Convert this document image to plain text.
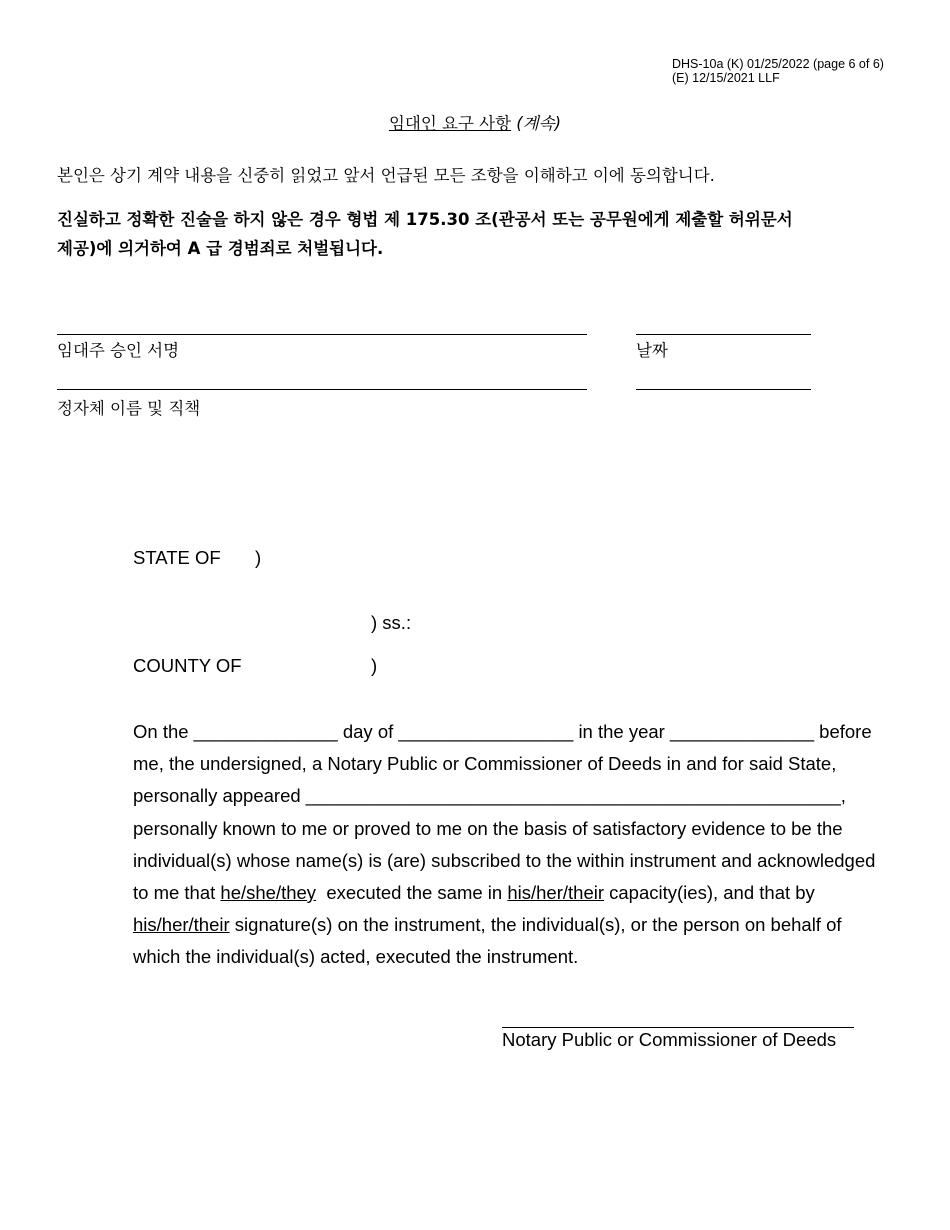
DHS-10a (K) 01/25/2022 (page 6 of 6)
(E) 12/15/2021 LLF
임대인 요구 사항 (계속)
본인은 상기 계약 내용을 신중히 읽었고 앞서 언급된 모든 조항을 이해하고 이에 동의합니다.
진실하고 정확한 진술을 하지 않은 경우 형법 제 175.30 조(관공서 또는 공무원에게 제출할 허위문서
제공)에 의거하여 A 급 경범죄로 처벌됩니다.
임대주 승인 서명	날짜
정자체 이름 및 직책
STATE OF )
) ss.:
COUNTY OF	)
On the ______________ day of _________________ in the year ______________ before
me, the undersigned, a Notary Public or Commissioner of Deeds in and for said State,
personally appeared ____________________________________________________,
personally known to me or proved to me on the basis of satisfactory evidence to be the
individual(s) whose name(s) is (are) subscribed to the within instrument and acknowledged
to me that he/she/they  executed the same in his/her/their capacity(ies), and that by
his/her/their signature(s) on the instrument, the individual(s), or the person on behalf of
which the individual(s) acted, executed the instrument.
Notary Public or Commissioner of Deeds
